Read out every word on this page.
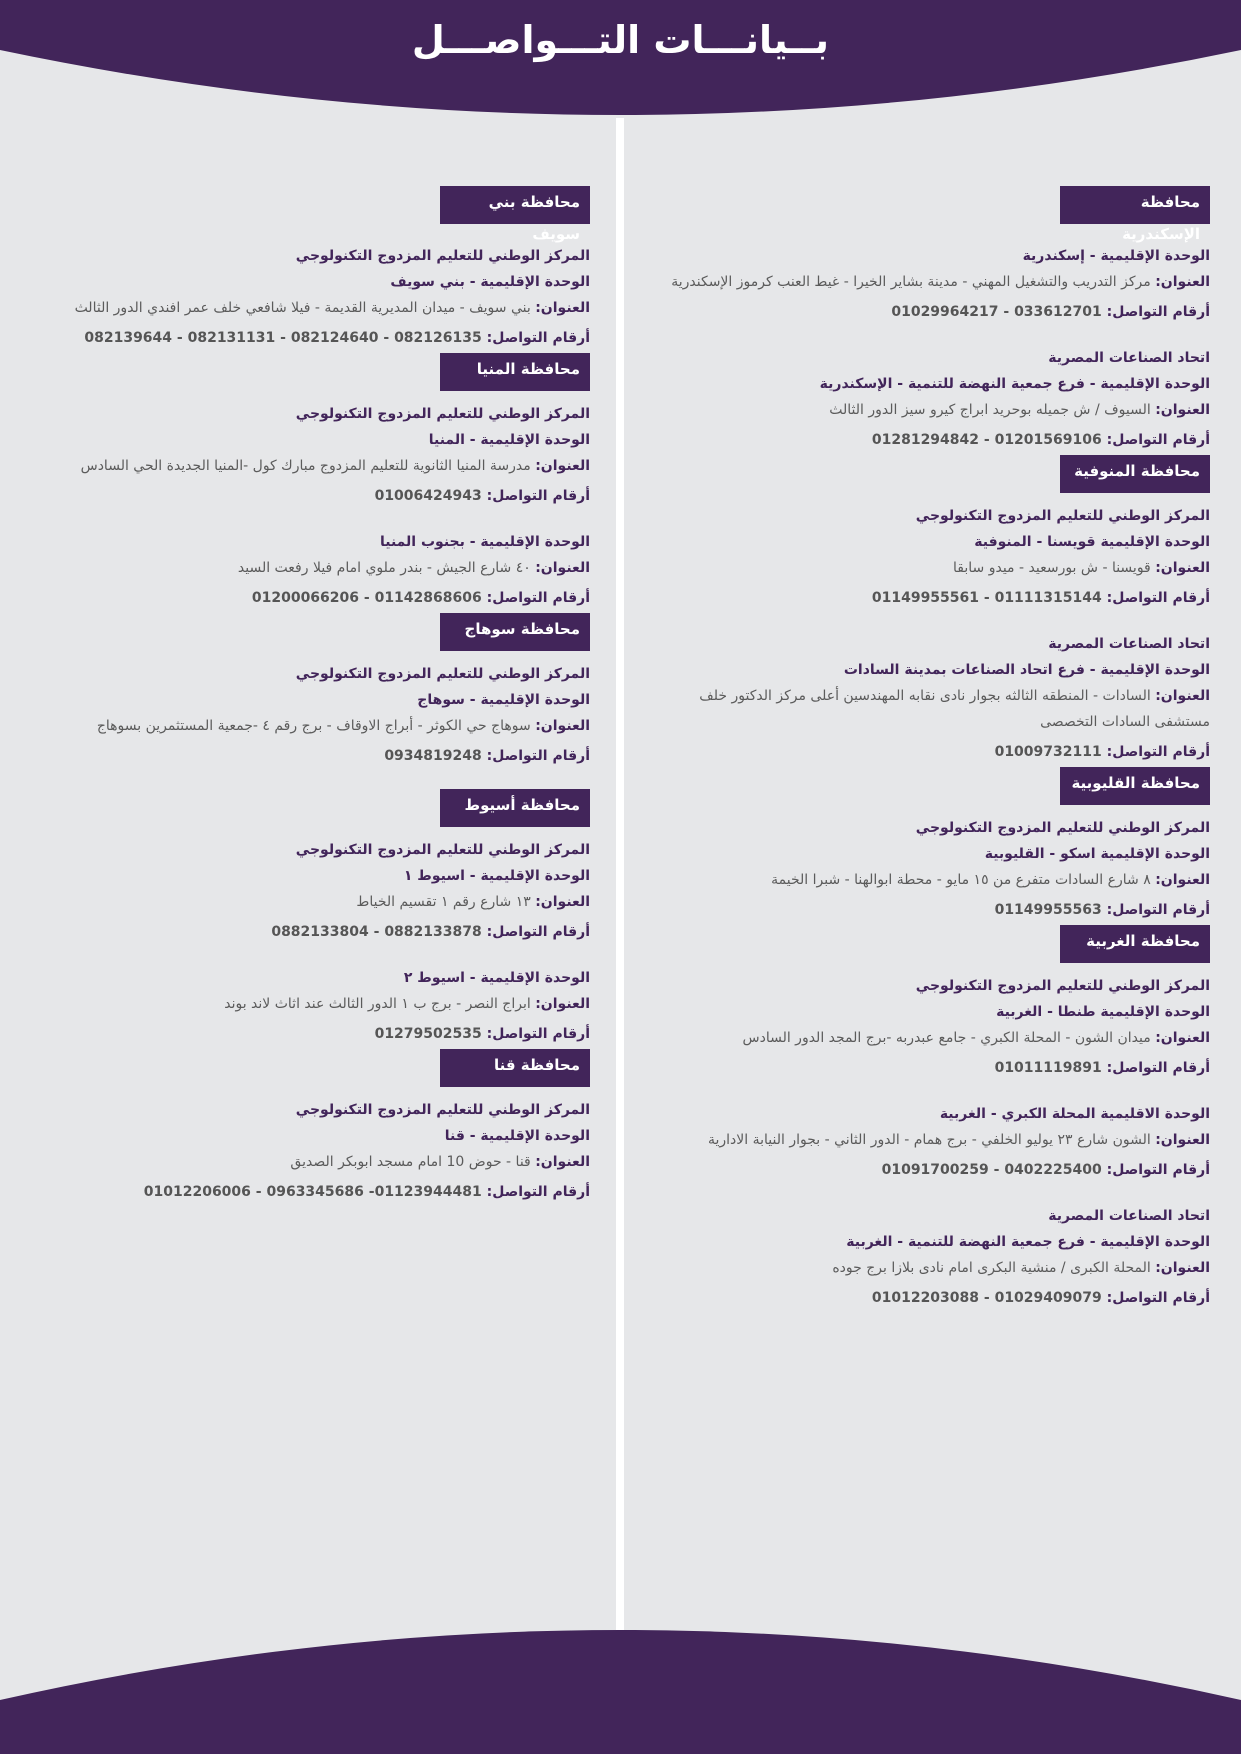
بــيانـــات التـــواصـــل
محافظة الإسكندرية
الوحدة الإقليمية - إسكندرية
العنوان: مركز التدريب والتشغيل المهني - مدينة بشاير الخيرا - غيط العنب كرموز الإسكندرية
أرقام التواصل: 033612701 - 01029964217
اتحاد الصناعات المصرية
الوحدة الإقليمية - فرع جمعية النهضة للتنمية - الإسكندرية
العنوان: السيوف / ش جميله بوحريد ابراج كيرو سيز الدور الثالث
أرقام التواصل: 01201569106 - 01281294842
محافظة المنوفية
المركز الوطني للتعليم المزدوج التكنولوجي
الوحدة الإقليمية قويسنا - المنوفية
العنوان: قويسنا - ش بورسعيد - ميدو سابقا
أرقام التواصل: 01111315144 - 01149955561
اتحاد الصناعات المصرية
الوحدة الإقليمية - فرع اتحاد الصناعات بمدينة السادات
العنوان: السادات - المنطقه الثالثه بجوار نادى نقابه المهندسين أعلى مركز الدكتور خلف مستشفى السادات التخصصى
أرقام التواصل: 01009732111
محافظة القليوبية
المركز الوطني للتعليم المزدوج التكنولوجي
الوحدة الإقليمية اسكو - القليوبية
العنوان: ٨ شارع السادات متفرع من ١٥ مايو - محطة ابوالهنا - شبرا الخيمة
أرقام التواصل: 01149955563
محافظة الغربية
المركز الوطني للتعليم المزدوج التكنولوجي
الوحدة الإقليمية طنطا - الغربية
العنوان: ميدان الشون - المحلة الكبري - جامع عبدربه -برج المجد الدور السادس
أرقام التواصل: 01011119891
الوحدة الاقليمية المحلة الكبري - الغربية
العنوان: الشون شارع ٢٣ يوليو الخلفي - برج همام - الدور الثاني - بجوار النيابة الادارية
أرقام التواصل: 0402225400 - 01091700259
اتحاد الصناعات المصرية
الوحدة الإقليمية - فرع جمعية النهضة للتنمية - الغربية
العنوان: المحلة الكبرى / منشية البكرى امام نادى بلازا برج جوده
أرقام التواصل: 01029409079 - 01012203088
محافظة بني سويف
المركز الوطني للتعليم المزدوج التكنولوجي
الوحدة الإقليمية - بني سويف
العنوان: بني سويف - ميدان المديرية القديمة - فيلا شافعي خلف عمر افندي الدور الثالث
أرقام التواصل: 082126135 - 082124640 - 082131131 - 082139644
محافظة المنيا
المركز الوطني للتعليم المزدوج التكنولوجي
الوحدة الإقليمية - المنيا
العنوان: مدرسة المنيا الثانوية للتعليم المزدوج مبارك كول -المنيا الجديدة الحي السادس
أرقام التواصل: 01006424943
الوحدة الإقليمية - بجنوب المنيا
العنوان: ٤٠ شارع الجيش - بندر ملوي امام فيلا رفعت السيد
أرقام التواصل: 01142868606 - 01200066206
محافظة سوهاج
المركز الوطني للتعليم المزدوج التكنولوجي
الوحدة الإقليمية - سوهاج
العنوان: سوهاج حي الكوثر - أبراج الاوقاف - برج رقم ٤ -جمعية المستثمرين بسوهاج
أرقام التواصل: 0934819248
محافظة أسيوط
المركز الوطني للتعليم المزدوج التكنولوجي
الوحدة الإقليمية - اسيوط ١
العنوان: ١٣ شارع رقم ١ تقسيم الخياط
أرقام التواصل: 0882133878 - 0882133804
الوحدة الإقليمية - اسيوط ٢
العنوان: ابراج النصر - برج ب ١ الدور الثالث عند اثاث لاند بوند
أرقام التواصل: 01279502535
محافظة قنا
المركز الوطني للتعليم المزدوج التكنولوجي
الوحدة الإقليمية - قنا
العنوان: قنا - حوض 10 امام مسجد ابوبكر الصديق
أرقام التواصل: 01123944481- 0963345686 - 01012206006
